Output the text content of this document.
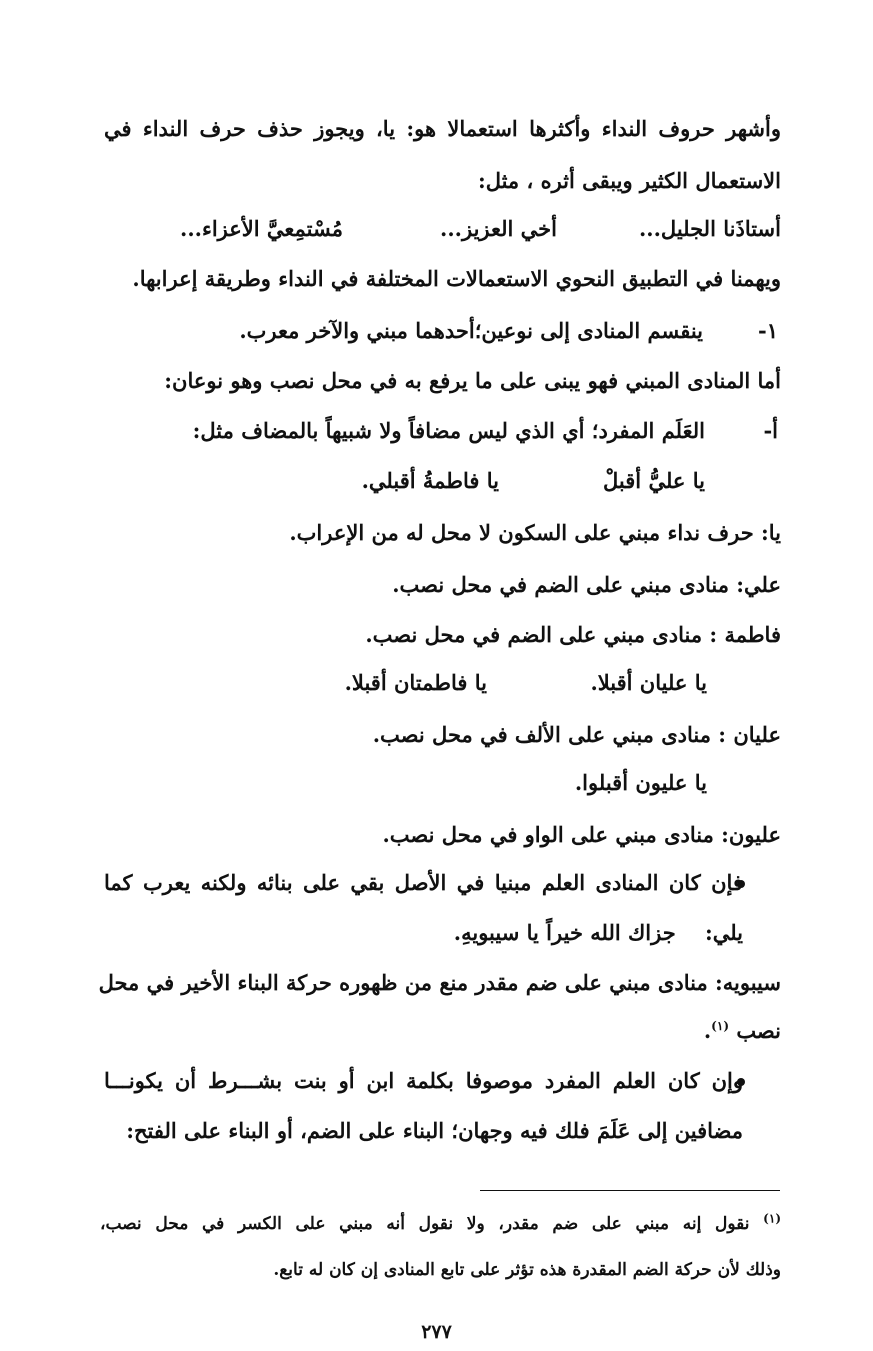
وأشهر حروف النداء وأكثرها استعمالا هو: يا، ويجوز حذف حرف النداء في
الاستعمال الكثير ويبقى أثره ، مثل:
أستاذَنا الجليل...
أخي العزيز...
مُسْتمِعيَّ الأعزاء...
ويهمنا في التطبيق النحوي الاستعمالات المختلفة في النداء وطريقة إعرابها.
١-
ينقسم المنادى إلى نوعين؛أحدهما مبني والآخر معرب.
أما المنادى المبني فهو يبنى على ما يرفع به في محل نصب وهو نوعان:
أ-
العَلَم المفرد؛ أي الذي ليس مضافاً ولا شبيهاً بالمضاف مثل:
يا عليُّ أقبلْ
يا فاطمةُ أقبلي.
يا: حرف نداء مبني على السكون لا محل له من الإعراب.
علي: منادى مبني على الضم في محل نصب.
فاطمة : منادى مبني على الضم في محل نصب.
يا عليان أقبلا.
يا فاطمتان أقبلا.
عليان : منادى مبني على الألف في محل نصب.
يا عليون أقبلوا.
عليون: منادى مبني على الواو في محل نصب.
فإن كان المنادى العلم مبنيا في الأصل بقي على بنائه ولكنه يعرب كما
يلي:    جزاك الله خيراً يا سيبويهِ.
سيبويه: منادى مبني على ضم مقدر منع من ظهوره حركة البناء الأخير في محل
نصب $^{(١)}$.
وإن كان العلم المفرد موصوفا بكلمة ابن أو بنت بشـــرط أن يكونـــا
مضافين إلى عَلَمَ فلك فيه وجهان؛ البناء على الضم، أو البناء على الفتح:
$^{(١)}$ نقول إنه مبني على ضم مقدر، ولا نقول أنه مبني على الكسر في محل نصب،
وذلك لأن حركة الضم المقدرة هذه تؤثر على تابع المنادى إن كان له تابع.
٢٧٧
